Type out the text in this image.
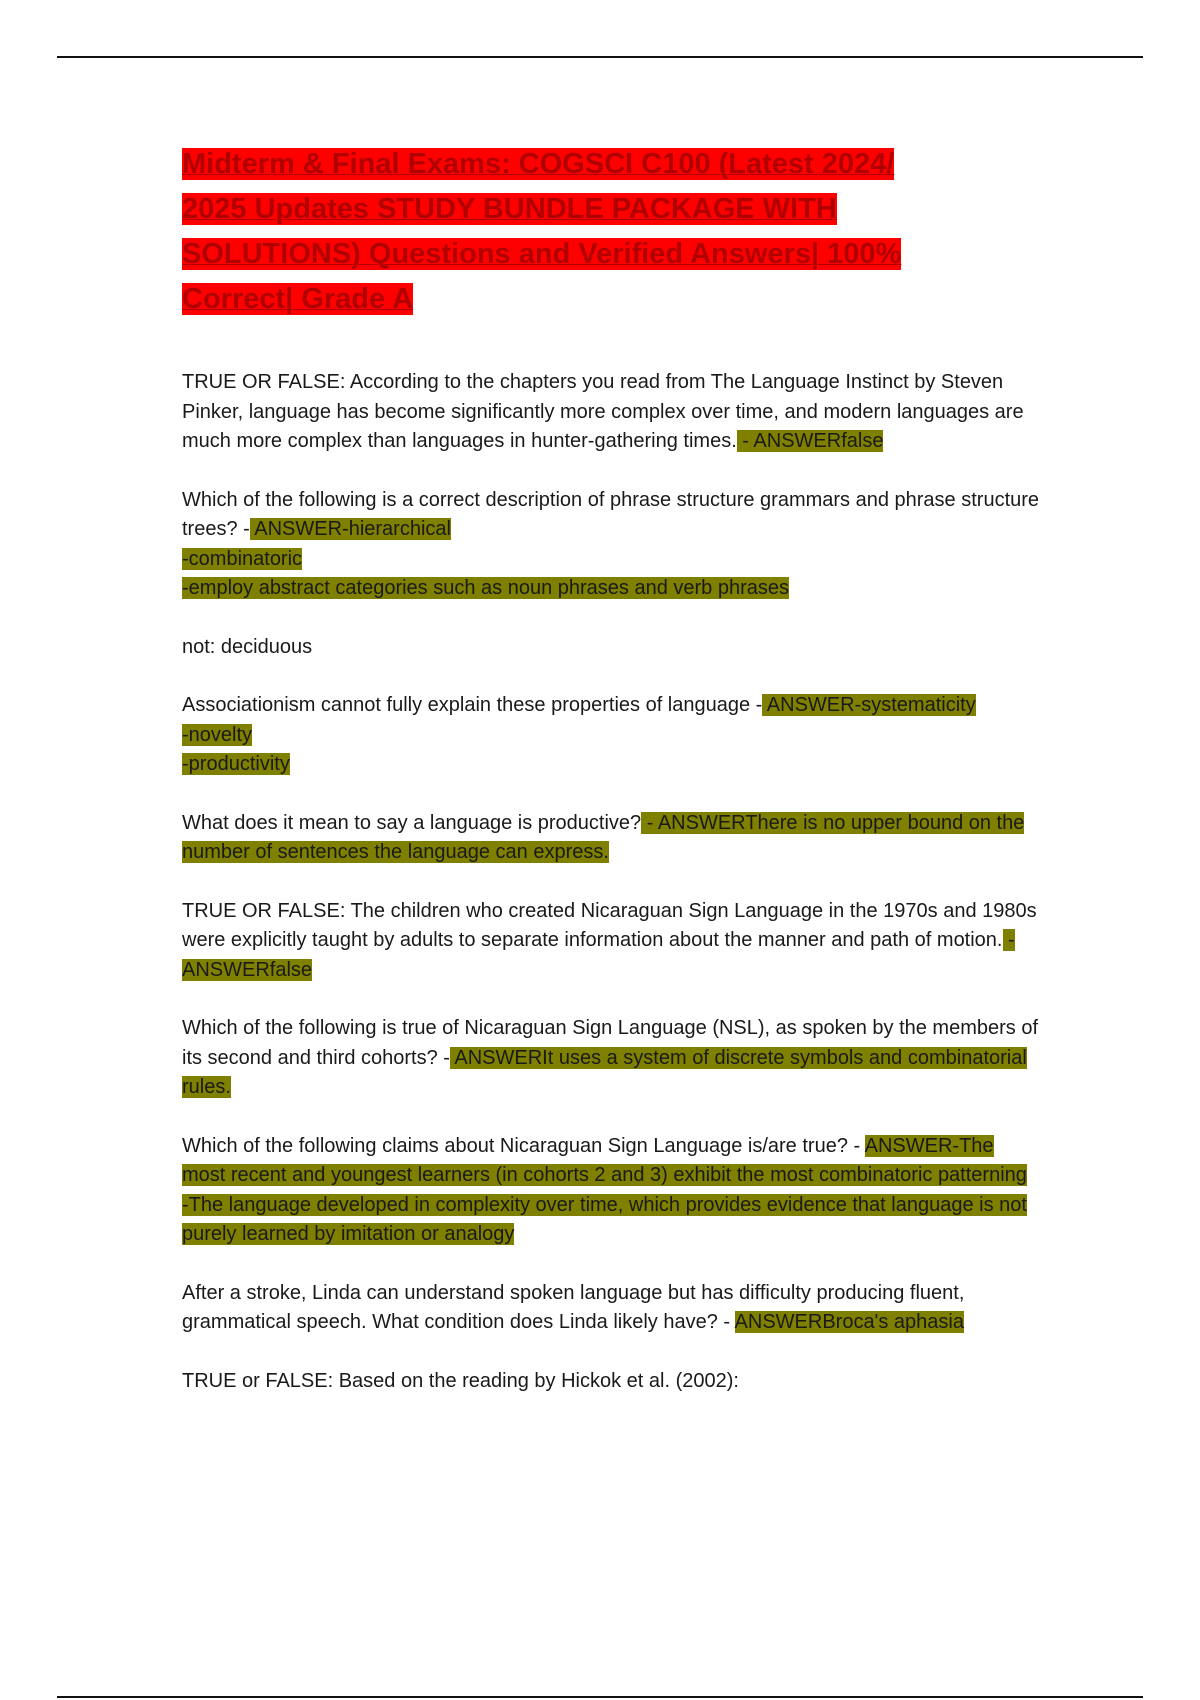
Midterm & Final Exams: COGSCI C100 (Latest 2024/ 2025 Updates STUDY BUNDLE PACKAGE WITH SOLUTIONS) Questions and Verified Answers| 100% Correct| Grade A

TRUE OR FALSE: According to the chapters you read from The Language Instinct by Steven Pinker, language has become significantly more complex over time, and modern languages are much more complex than languages in hunter-gathering times. - ANSWERfalse

Which of the following is a correct description of phrase structure grammars and phrase structure trees? - ANSWER-hierarchical
-combinatoric
-employ abstract categories such as noun phrases and verb phrases

not: deciduous

Associationism cannot fully explain these properties of language - ANSWER-systematicity
-novelty
-productivity

What does it mean to say a language is productive? - ANSWERThere is no upper bound on the number of sentences the language can express.

TRUE OR FALSE: The children who created Nicaraguan Sign Language in the 1970s and 1980s were explicitly taught by adults to separate information about the manner and path of motion. - ANSWERfalse

Which of the following is true of Nicaraguan Sign Language (NSL), as spoken by the members of its second and third cohorts? - ANSWERIt uses a system of discrete symbols and combinatorial rules.

Which of the following claims about Nicaraguan Sign Language is/are true? - ANSWER-The most recent and youngest learners (in cohorts 2 and 3) exhibit the most combinatoric patterning
-The language developed in complexity over time, which provides evidence that language is not purely learned by imitation or analogy

After a stroke, Linda can understand spoken language but has difficulty producing fluent, grammatical speech. What condition does Linda likely have? - ANSWERBroca's aphasia

TRUE or FALSE: Based on the reading by Hickok et al. (2002):
